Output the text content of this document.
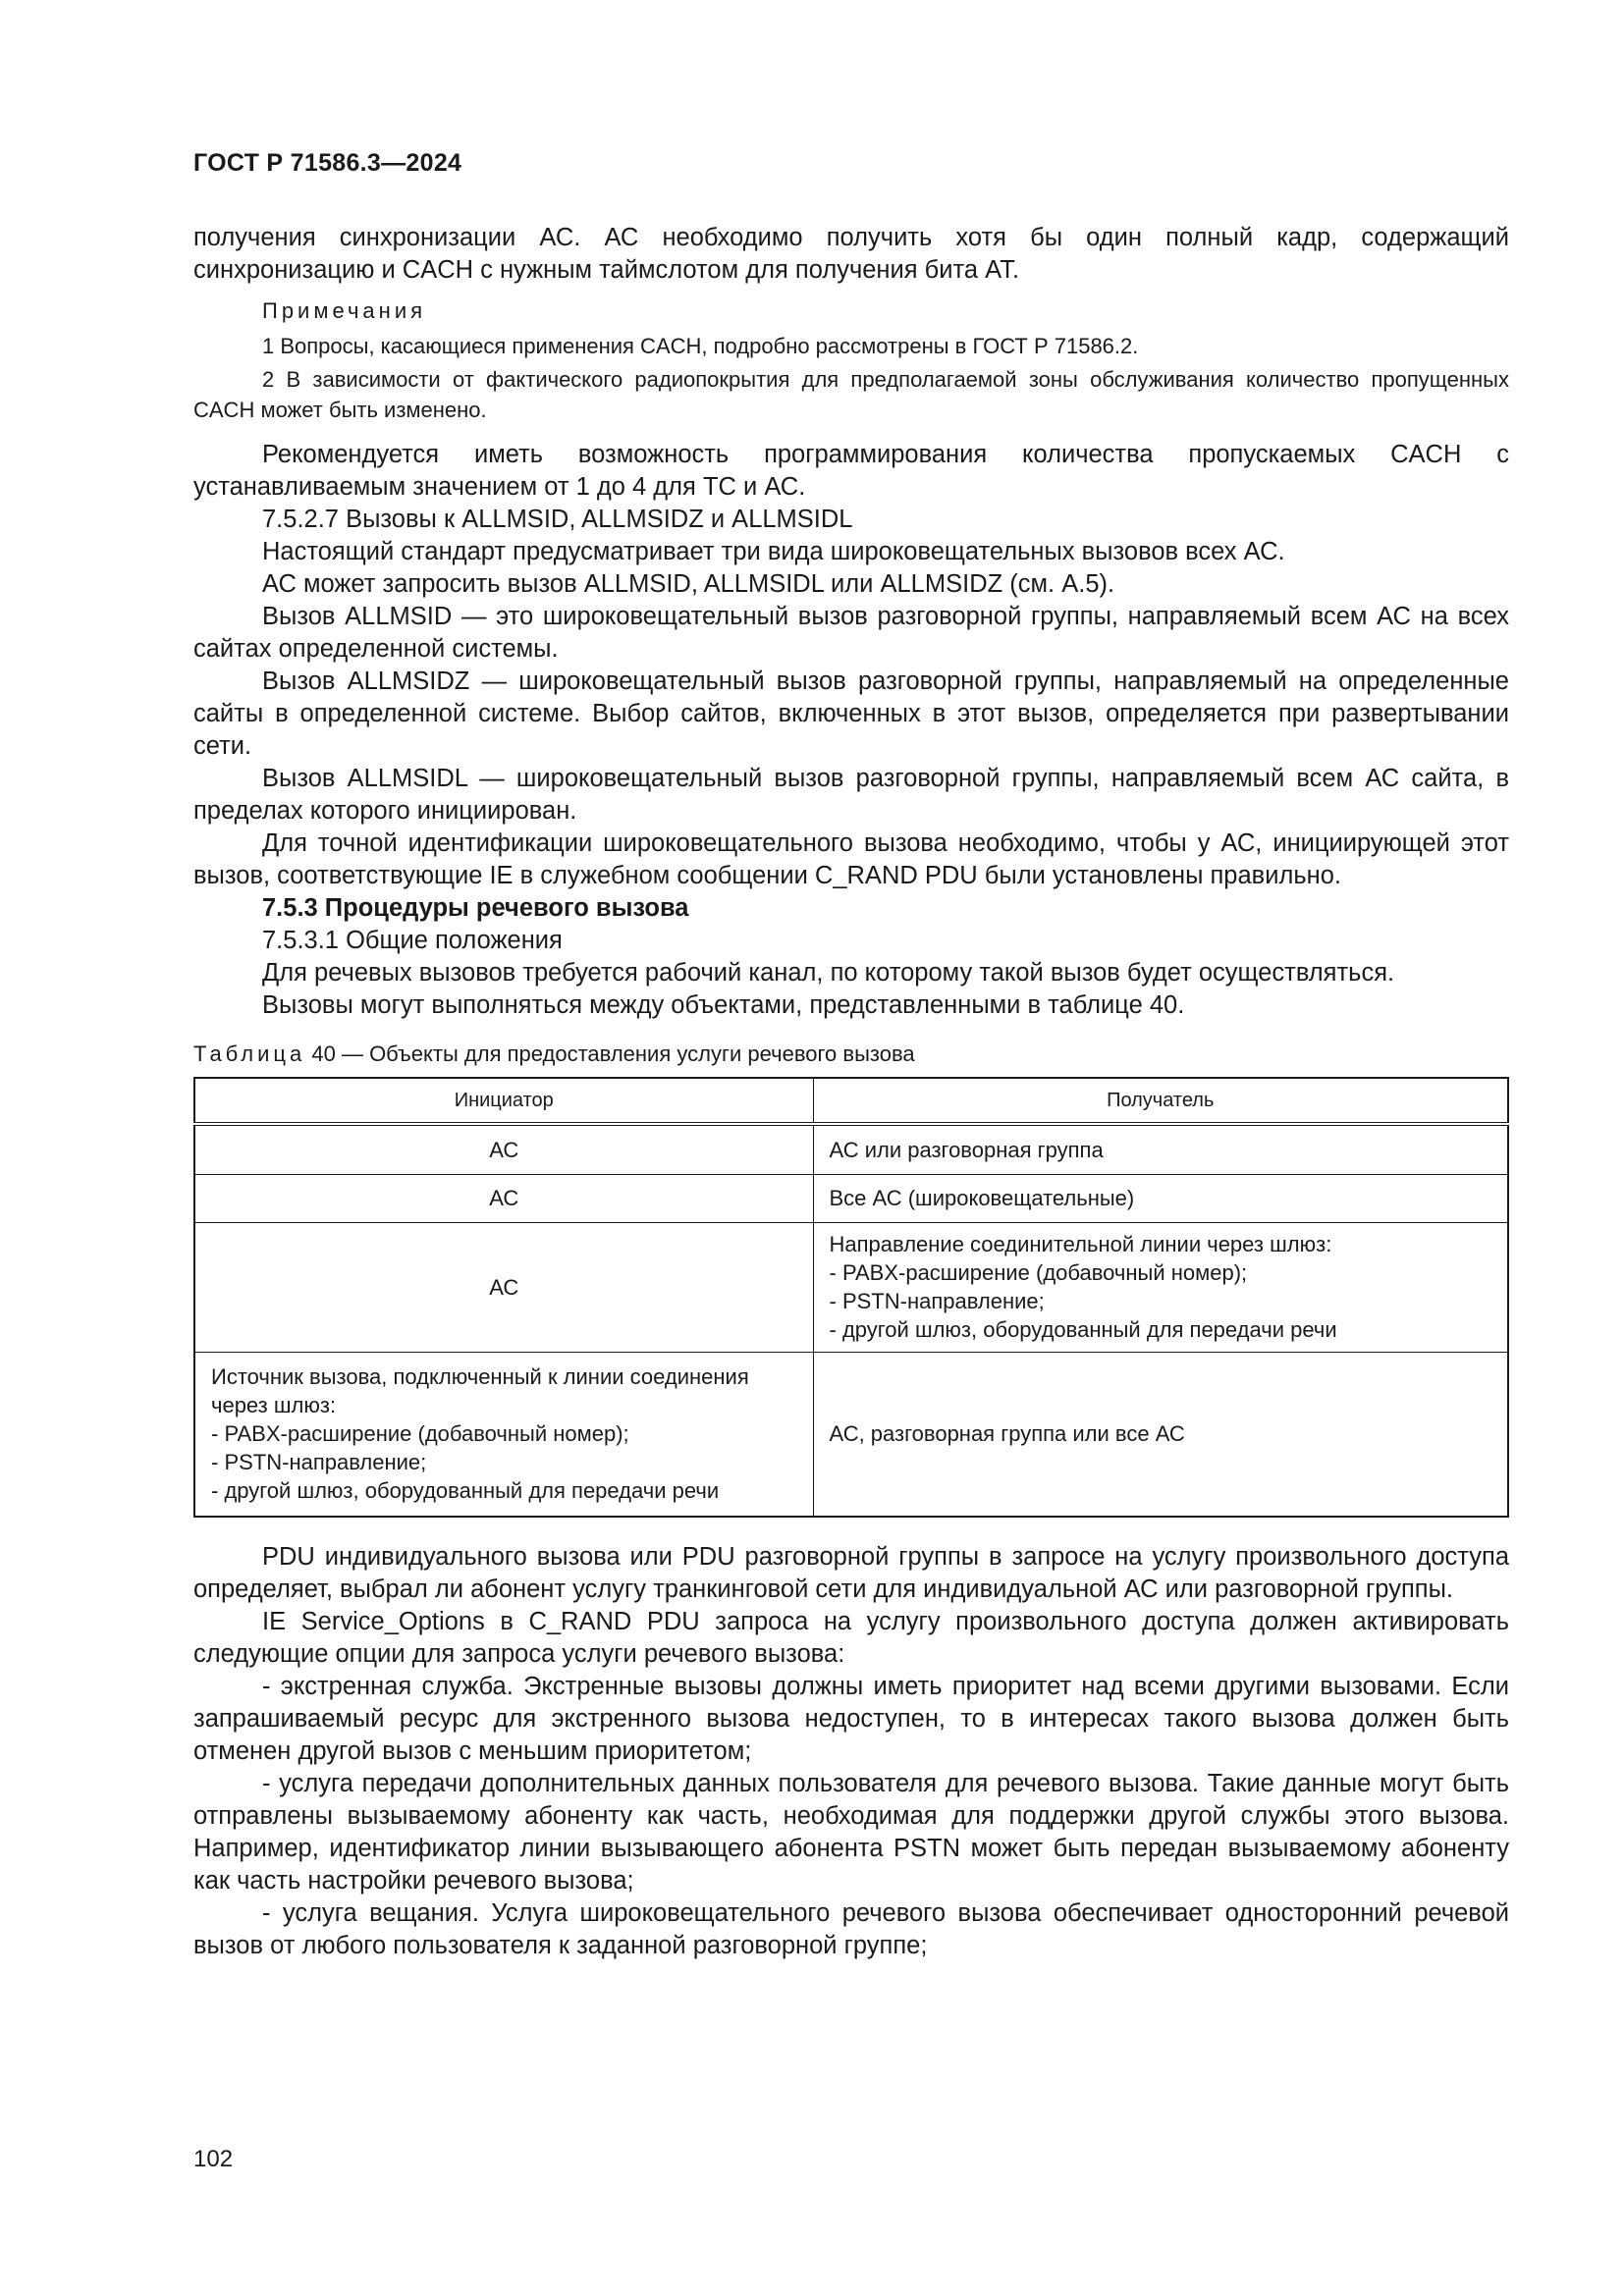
ГОСТ Р 71586.3—2024

получения синхронизации АС. АС необходимо получить хотя бы один полный кадр, содержащий синхронизацию и CACH с нужным таймслотом для получения бита AT.

Примечания

1 Вопросы, касающиеся применения CACH, подробно рассмотрены в ГОСТ Р 71586.2.

2 В зависимости от фактического радиопокрытия для предполагаемой зоны обслуживания количество пропущенных CACH может быть изменено.

Рекомендуется иметь возможность программирования количества пропускаемых CACH с устанавливаемым значением от 1 до 4 для ТС и АС.

7.5.2.7 Вызовы к ALLMSID, ALLMSIDZ и ALLMSIDL

Настоящий стандарт предусматривает три вида широковещательных вызовов всех АС.

АС может запросить вызов ALLMSID, ALLMSIDL или ALLMSIDZ (см. А.5).

Вызов ALLMSID — это широковещательный вызов разговорной группы, направляемый всем АС на всех сайтах определенной системы.

Вызов ALLMSIDZ — широковещательный вызов разговорной группы, направляемый на определенные сайты в определенной системе. Выбор сайтов, включенных в этот вызов, определяется при развертывании сети.

Вызов ALLMSIDL — широковещательный вызов разговорной группы, направляемый всем АС сайта, в пределах которого инициирован.

Для точной идентификации широковещательного вызова необходимо, чтобы у АС, инициирующей этот вызов, соответствующие IE в служебном сообщении C_RAND PDU были установлены правильно.

7.5.3 Процедуры речевого вызова

7.5.3.1 Общие положения

Для речевых вызовов требуется рабочий канал, по которому такой вызов будет осуществляться.

Вызовы могут выполняться между объектами, представленными в таблице 40.

Таблица 40 — Объекты для предоставления услуги речевого вызова
Инициатор	Получатель
АС	АС или разговорная группа
АС	Все АС (широковещательные)
АС	Направление соединительной линии через шлюз:
- PABX-расширение (добавочный номер);
- PSTN-направление;
- другой шлюз, оборудованный для передачи речи

Источник вызова, подключенный к линии соединения через шлюз:
- PABX-расширение (добавочный номер);
- PSTN-направление;
- другой шлюз, оборудованный для передачи речи	АС, разговорная группа или все АС

PDU индивидуального вызова или PDU разговорной группы в запросе на услугу произвольного доступа определяет, выбрал ли абонент услугу транкинговой сети для индивидуальной АС или разговорной группы.

IE Service_Options в C_RAND PDU запроса на услугу произвольного доступа должен активировать следующие опции для запроса услуги речевого вызова:

- экстренная служба. Экстренные вызовы должны иметь приоритет над всеми другими вызовами. Если запрашиваемый ресурс для экстренного вызова недоступен, то в интересах такого вызова должен быть отменен другой вызов с меньшим приоритетом;

- услуга передачи дополнительных данных пользователя для речевого вызова. Такие данные могут быть отправлены вызываемому абоненту как часть, необходимая для поддержки другой службы этого вызова. Например, идентификатор линии вызывающего абонента PSTN может быть передан вызываемому абоненту как часть настройки речевого вызова;

- услуга вещания. Услуга широковещательного речевого вызова обеспечивает односторонний речевой вызов от любого пользователя к заданной разговорной группе;

102
